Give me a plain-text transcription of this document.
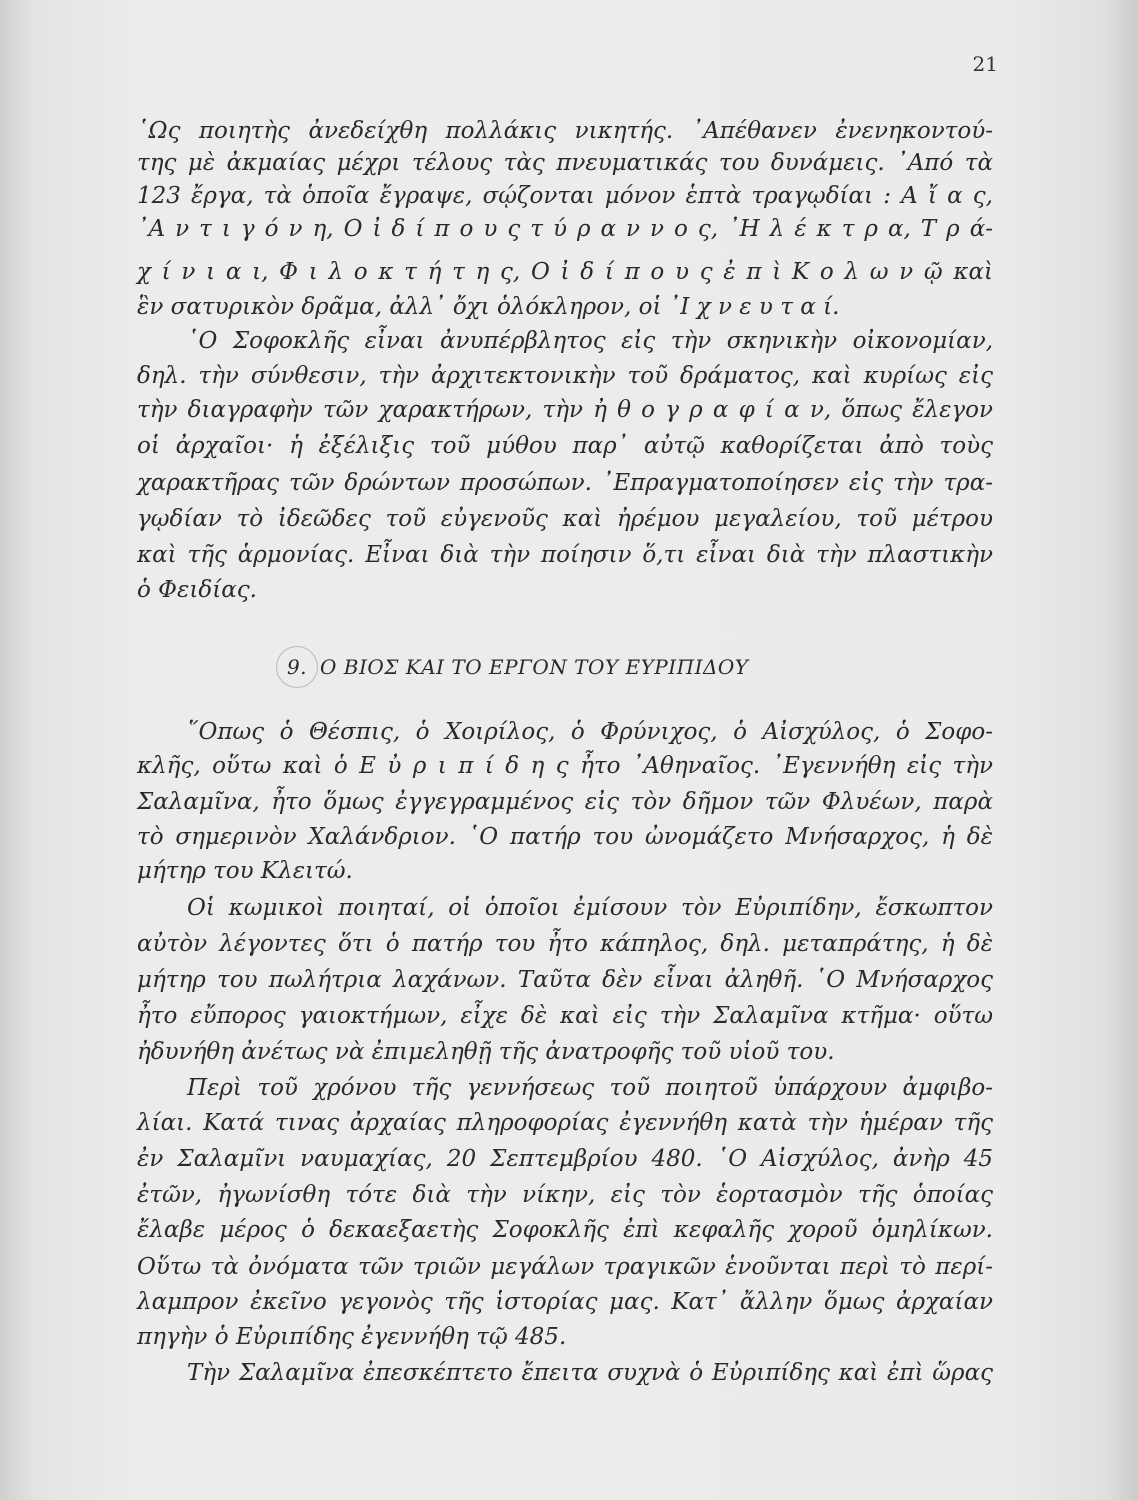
21
῾Ως ποιητὴς ἀνεδείχθη πολλάκις νικητής. ᾿Απέθανεν ἐνενηκοντού-
της μὲ ἀκμαίας μέχρι τέλους τὰς πνευματικάς του δυνάμεις. ᾿Από τὰ
123 ἔργα, τὰ ὁποῖα ἔγραψε, σῴζονται μόνον ἑπτὰ τραγῳδίαι : Α ἴ α ς,
᾿Α ν τ ι γ ό ν η, Ο ἰ δ ί π ο υ ς τ ύ ρ α ν ν ο ς, ᾿Η λ έ κ τ ρ α, Τ ρ ά-
χ ί ν ι α ι, Φ ι λ ο κ τ ή τ η ς, Ο ἰ δ ί π ο υ ς ἐ π ὶ Κ ο λ ω ν ῷ καὶ
ἓν σατυρικὸν δρᾶμα, ἀλλ᾿ ὄχι ὁλόκληρον, οἱ ᾿Ι χ ν ε υ τ α ί.
῾Ο Σοφοκλῆς εἶναι ἀνυπέρβλητος εἰς τὴν σκηνικὴν οἰκονομίαν,
δηλ. τὴν σύνθεσιν, τὴν ἀρχιτεκτονικὴν τοῦ δράματος, καὶ κυρίως εἰς
τὴν διαγραφὴν τῶν χαρακτήρων, τὴν ἠ θ ο γ ρ α φ ί α ν, ὅπως ἔλεγον
οἱ ἀρχαῖοι· ἡ ἐξέλιξις τοῦ μύθου παρ᾿ αὐτῷ καθορίζεται ἀπὸ τοὺς
χαρακτῆρας τῶν δρώντων προσώπων. ᾿Επραγματοποίησεν εἰς τὴν τρα-
γῳδίαν τὸ ἰδεῶδες τοῦ εὐγενοῦς καὶ ἠρέμου μεγαλείου, τοῦ μέτρου
καὶ τῆς ἁρμονίας. Εἶναι διὰ τὴν ποίησιν ὅ,τι εἶναι διὰ τὴν πλαστικὴν
ὁ Φειδίας.
9. Ο ΒΙΟΣ ΚΑΙ ΤΟ ΕΡΓΟΝ ΤΟΥ ΕΥΡΙΠΙΔΟΥ
῞Οπως ὁ Θέσπις, ὁ Χοιρίλος, ὁ Φρύνιχος, ὁ Αἰσχύλος, ὁ Σοφο-
κλῆς, οὕτω καὶ ὁ Ε ὐ ρ ι π ί δ η ς ἦτο ᾿Αθηναῖος. ᾿Εγεννήθη εἰς τὴν
Σαλαμῖνα, ἦτο ὅμως ἐγγεγραμμένος εἰς τὸν δῆμον τῶν Φλυέων, παρὰ
τὸ σημερινὸν Χαλάνδριον. ῾Ο πατήρ του ὠνομάζετο Μνήσαρχος, ἡ δὲ
μήτηρ του Κλειτώ.
Οἱ κωμικοὶ ποιηταί, οἱ ὁποῖοι ἐμίσουν τὸν Εὐριπίδην, ἔσκωπτον
αὐτὸν λέγοντες ὅτι ὁ πατήρ του ἦτο κάπηλος, δηλ. μεταπράτης, ἡ δὲ
μήτηρ του πωλήτρια λαχάνων. Ταῦτα δὲν εἶναι ἀληθῆ. ῾Ο Μνήσαρχος
ἦτο εὔπορος γαιοκτήμων, εἶχε δὲ καὶ εἰς τὴν Σαλαμῖνα κτῆμα· οὕτω
ἠδυνήθη ἀνέτως νὰ ἐπιμεληθῇ τῆς ἀνατροφῆς τοῦ υἱοῦ του.
Περὶ τοῦ χρόνου τῆς γεννήσεως τοῦ ποιητοῦ ὑπάρχουν ἀμφιβο-
λίαι. Κατά τινας ἀρχαίας πληροφορίας ἐγεννήθη κατὰ τὴν ἡμέραν τῆς
ἐν Σαλαμῖνι ναυμαχίας, 20 Σεπτεμβρίου 480. ῾Ο Αἰσχύλος, ἀνὴρ 45
ἐτῶν, ἠγωνίσθη τότε διὰ τὴν νίκην, εἰς τὸν ἑορτασμὸν τῆς ὁποίας
ἔλαβε μέρος ὁ δεκαεξαετὴς Σοφοκλῆς ἐπὶ κεφαλῆς χοροῦ ὁμηλίκων.
Οὕτω τὰ ὀνόματα τῶν τριῶν μεγάλων τραγικῶν ἑνοῦνται περὶ τὸ περί-
λαμπρον ἐκεῖνο γεγονὸς τῆς ἱστορίας μας. Κατ᾿ ἄλλην ὅμως ἀρχαίαν
πηγὴν ὁ Εὐριπίδης ἐγεννήθη τῷ 485.
Τὴν Σαλαμῖνα ἐπεσκέπτετο ἔπειτα συχνὰ ὁ Εὐριπίδης καὶ ἐπὶ ὥρας
